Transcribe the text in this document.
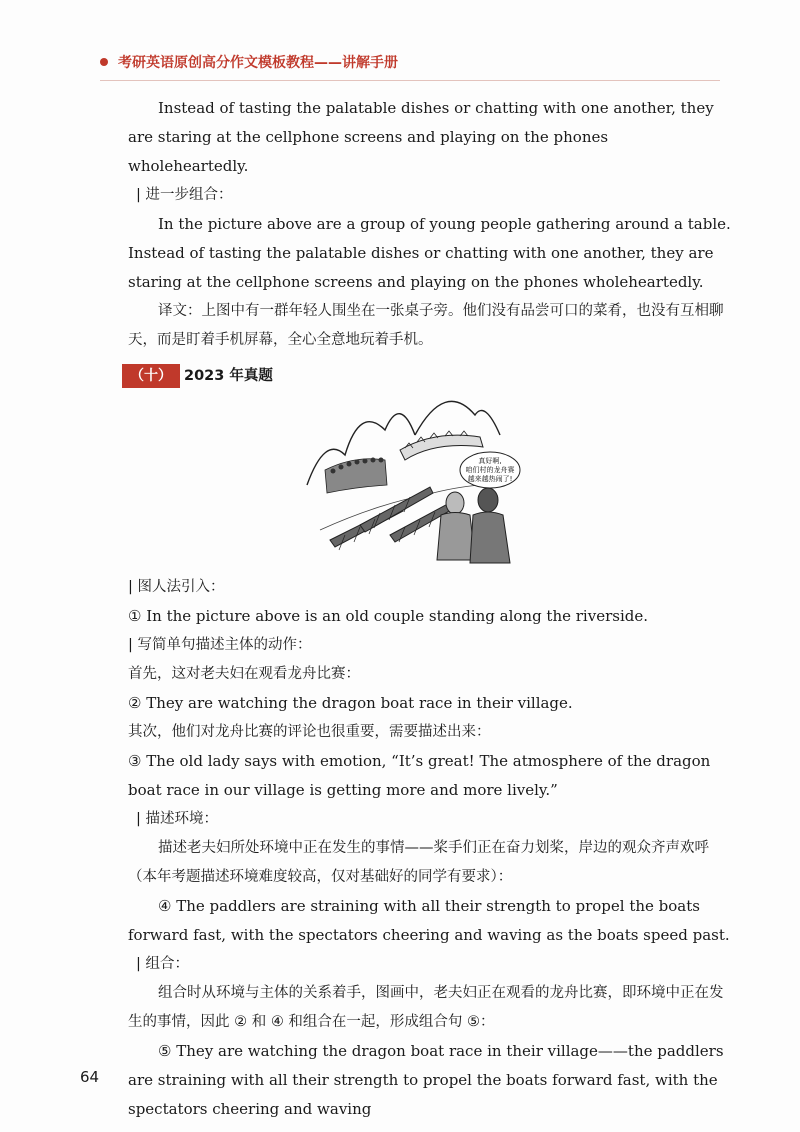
考研英语原创高分作文模板教程——讲解手册

Instead of tasting the palatable dishes or chatting with one another, they are staring at the cellphone screens and playing on the phones wholeheartedly.

| 进一步组合：

In the picture above are a group of young people gathering around a table. Instead of tasting the palatable dishes or chatting with one another, they are staring at the cellphone screens and playing on the phones wholeheartedly.

译文：上图中有一群年轻人围坐在一张桌子旁。他们没有品尝可口的菜肴，也没有互相聊天，而是盯着手机屏幕，全心全意地玩着手机。

（十） 2023 年真题

真好啊,
咱们村的龙舟赛
越来越热闹了!

| 图人法引入：

① In the picture above is an old couple standing along the riverside.

| 写简单句描述主体的动作：

首先，这对老夫妇在观看龙舟比赛：

② They are watching the dragon boat race in their village.

其次，他们对龙舟比赛的评论也很重要，需要描述出来：

③ The old lady says with emotion, “It’s great! The atmosphere of the dragon boat race in our village is getting more and more lively.”

| 描述环境：

描述老夫妇所处环境中正在发生的事情——桨手们正在奋力划桨，岸边的观众齐声欢呼（本年考题描述环境难度较高，仅对基础好的同学有要求）：

④ The paddlers are straining with all their strength to propel the boats forward fast, with the spectators cheering and waving as the boats speed past.

| 组合：

组合时从环境与主体的关系着手，图画中，老夫妇正在观看的龙舟比赛，即环境中正在发生的事情，因此 ② 和 ④ 和组合在一起，形成组合句 ⑤：

⑤ They are watching the dragon boat race in their village——the paddlers are straining with all their strength to propel the boats forward fast, with the spectators cheering and waving

64
